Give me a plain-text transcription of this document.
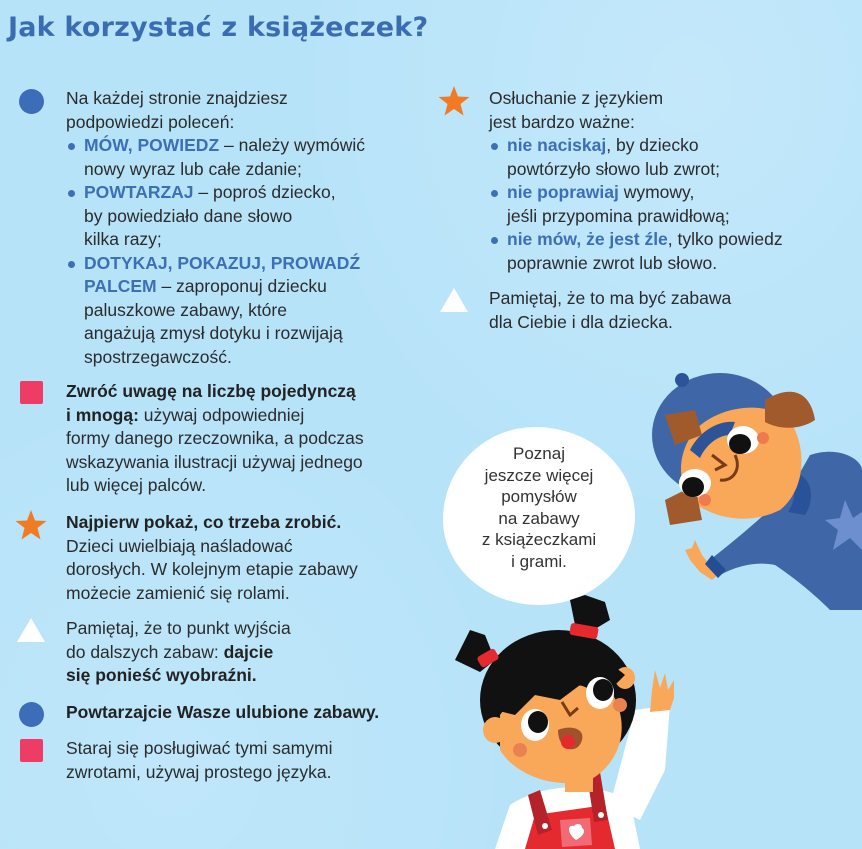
Jak korzystać z książeczek?
Na każdej stronie znajdziesz
podpowiedzi poleceń:
MÓW, POWIEDZ – należy wymówić
nowy wyraz lub całe zdanie;
POWTARZAJ – poproś dziecko,
by powiedziało dane słowo
kilka razy;
DOTYKAJ, POKAZUJ, PROWADŹ
PALCEM – zaproponuj dziecku
paluszkowe zabawy, które
angażują zmysł dotyku i rozwijają
spostrzegawczość.
Zwróć uwagę na liczbę pojedynczą
i mnogą: używaj odpowiedniej
formy danego rzeczownika, a podczas
wskazywania ilustracji używaj jednego
lub więcej palców.
Najpierw pokaż, co trzeba zrobić.
Dzieci uwielbiają naśladować
dorosłych. W kolejnym etapie zabawy
możecie zamienić się rolami.
Pamiętaj, że to punkt wyjścia
do dalszych zabaw: dajcie
się ponieść wyobraźni.
Powtarzajcie Wasze ulubione zabawy.
Staraj się posługiwać tymi samymi
zwrotami, używaj prostego języka.
Osłuchanie z językiem
jest bardzo ważne:
nie naciskaj, by dziecko
powtórzyło słowo lub zwrot;
nie poprawiaj wymowy,
jeśli przypomina prawidłową;
nie mów, że jest źle, tylko powiedz
poprawnie zwrot lub słowo.
Pamiętaj, że to ma być zabawa
dla Ciebie i dla dziecka.
Poznaj
jeszcze więcej
pomysłów
na zabawy
z książeczkami
i grami.
